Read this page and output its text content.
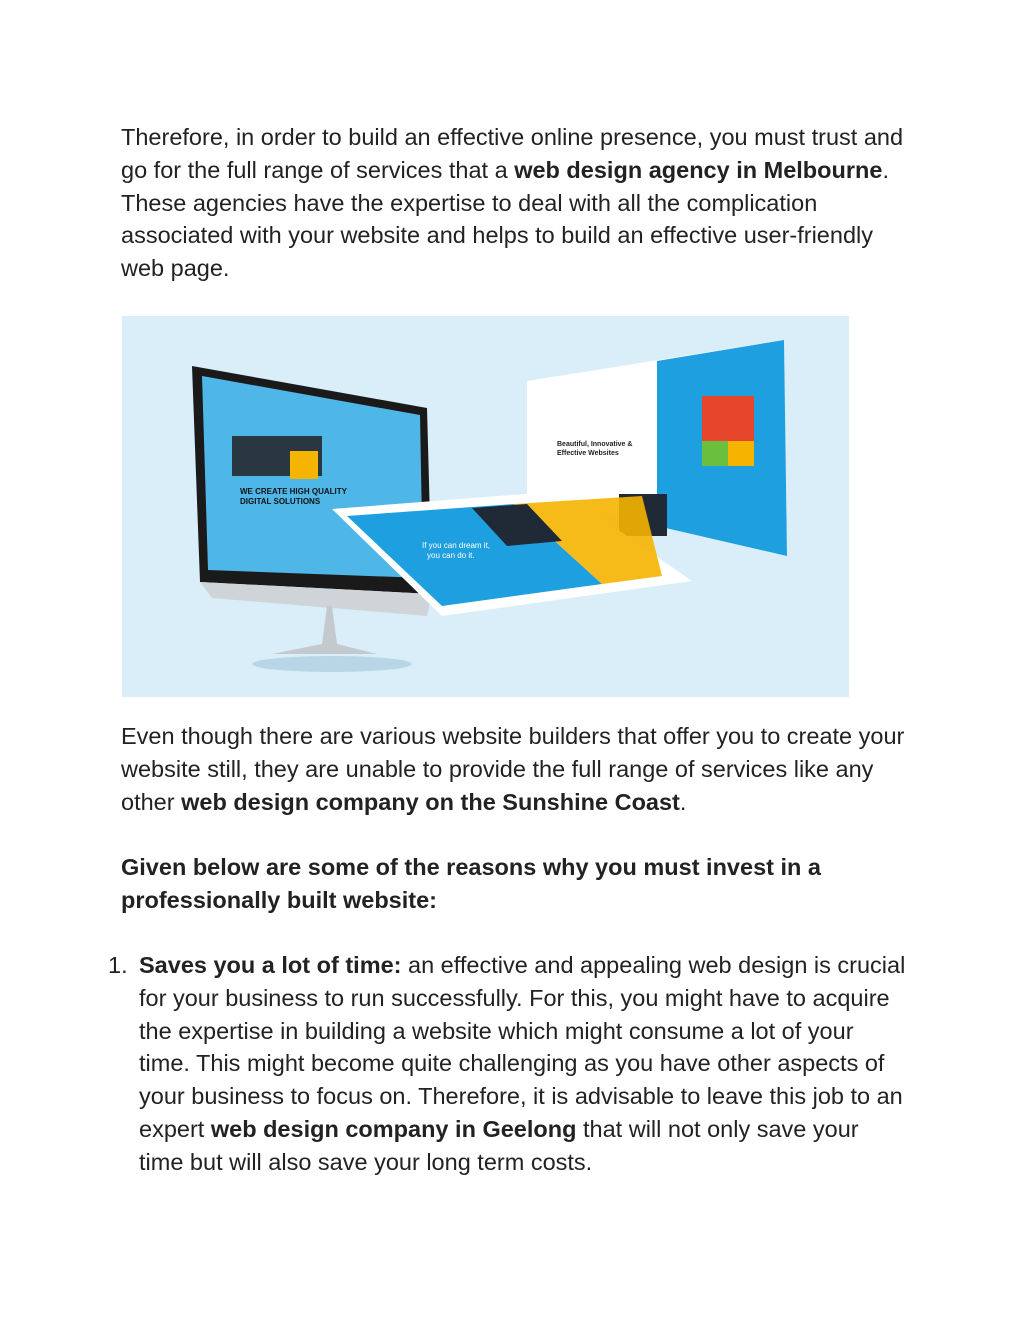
Therefore, in order to build an effective online presence, you must trust and go for the full range of services that a web design agency in Melbourne. These agencies have the expertise to deal with all the complication associated with your website and helps to build an effective user-friendly web page.

Beautiful, Innovative &
Effective Websites
WE CREATE HIGH QUALITY
DIGITAL SOLUTIONS
If you can dream it,
you can do it.

Even though there are various website builders that offer you to create your website still, they are unable to provide the full range of services like any other web design company on the Sunshine Coast.

Given below are some of the reasons why you must invest in a professionally built website:

1. Saves you a lot of time: an effective and appealing web design is crucial for your business to run successfully. For this, you might have to acquire the expertise in building a website which might consume a lot of your time. This might become quite challenging as you have other aspects of your business to focus on. Therefore, it is advisable to leave this job to an expert web design company in Geelong that will not only save your time but will also save your long term costs.
